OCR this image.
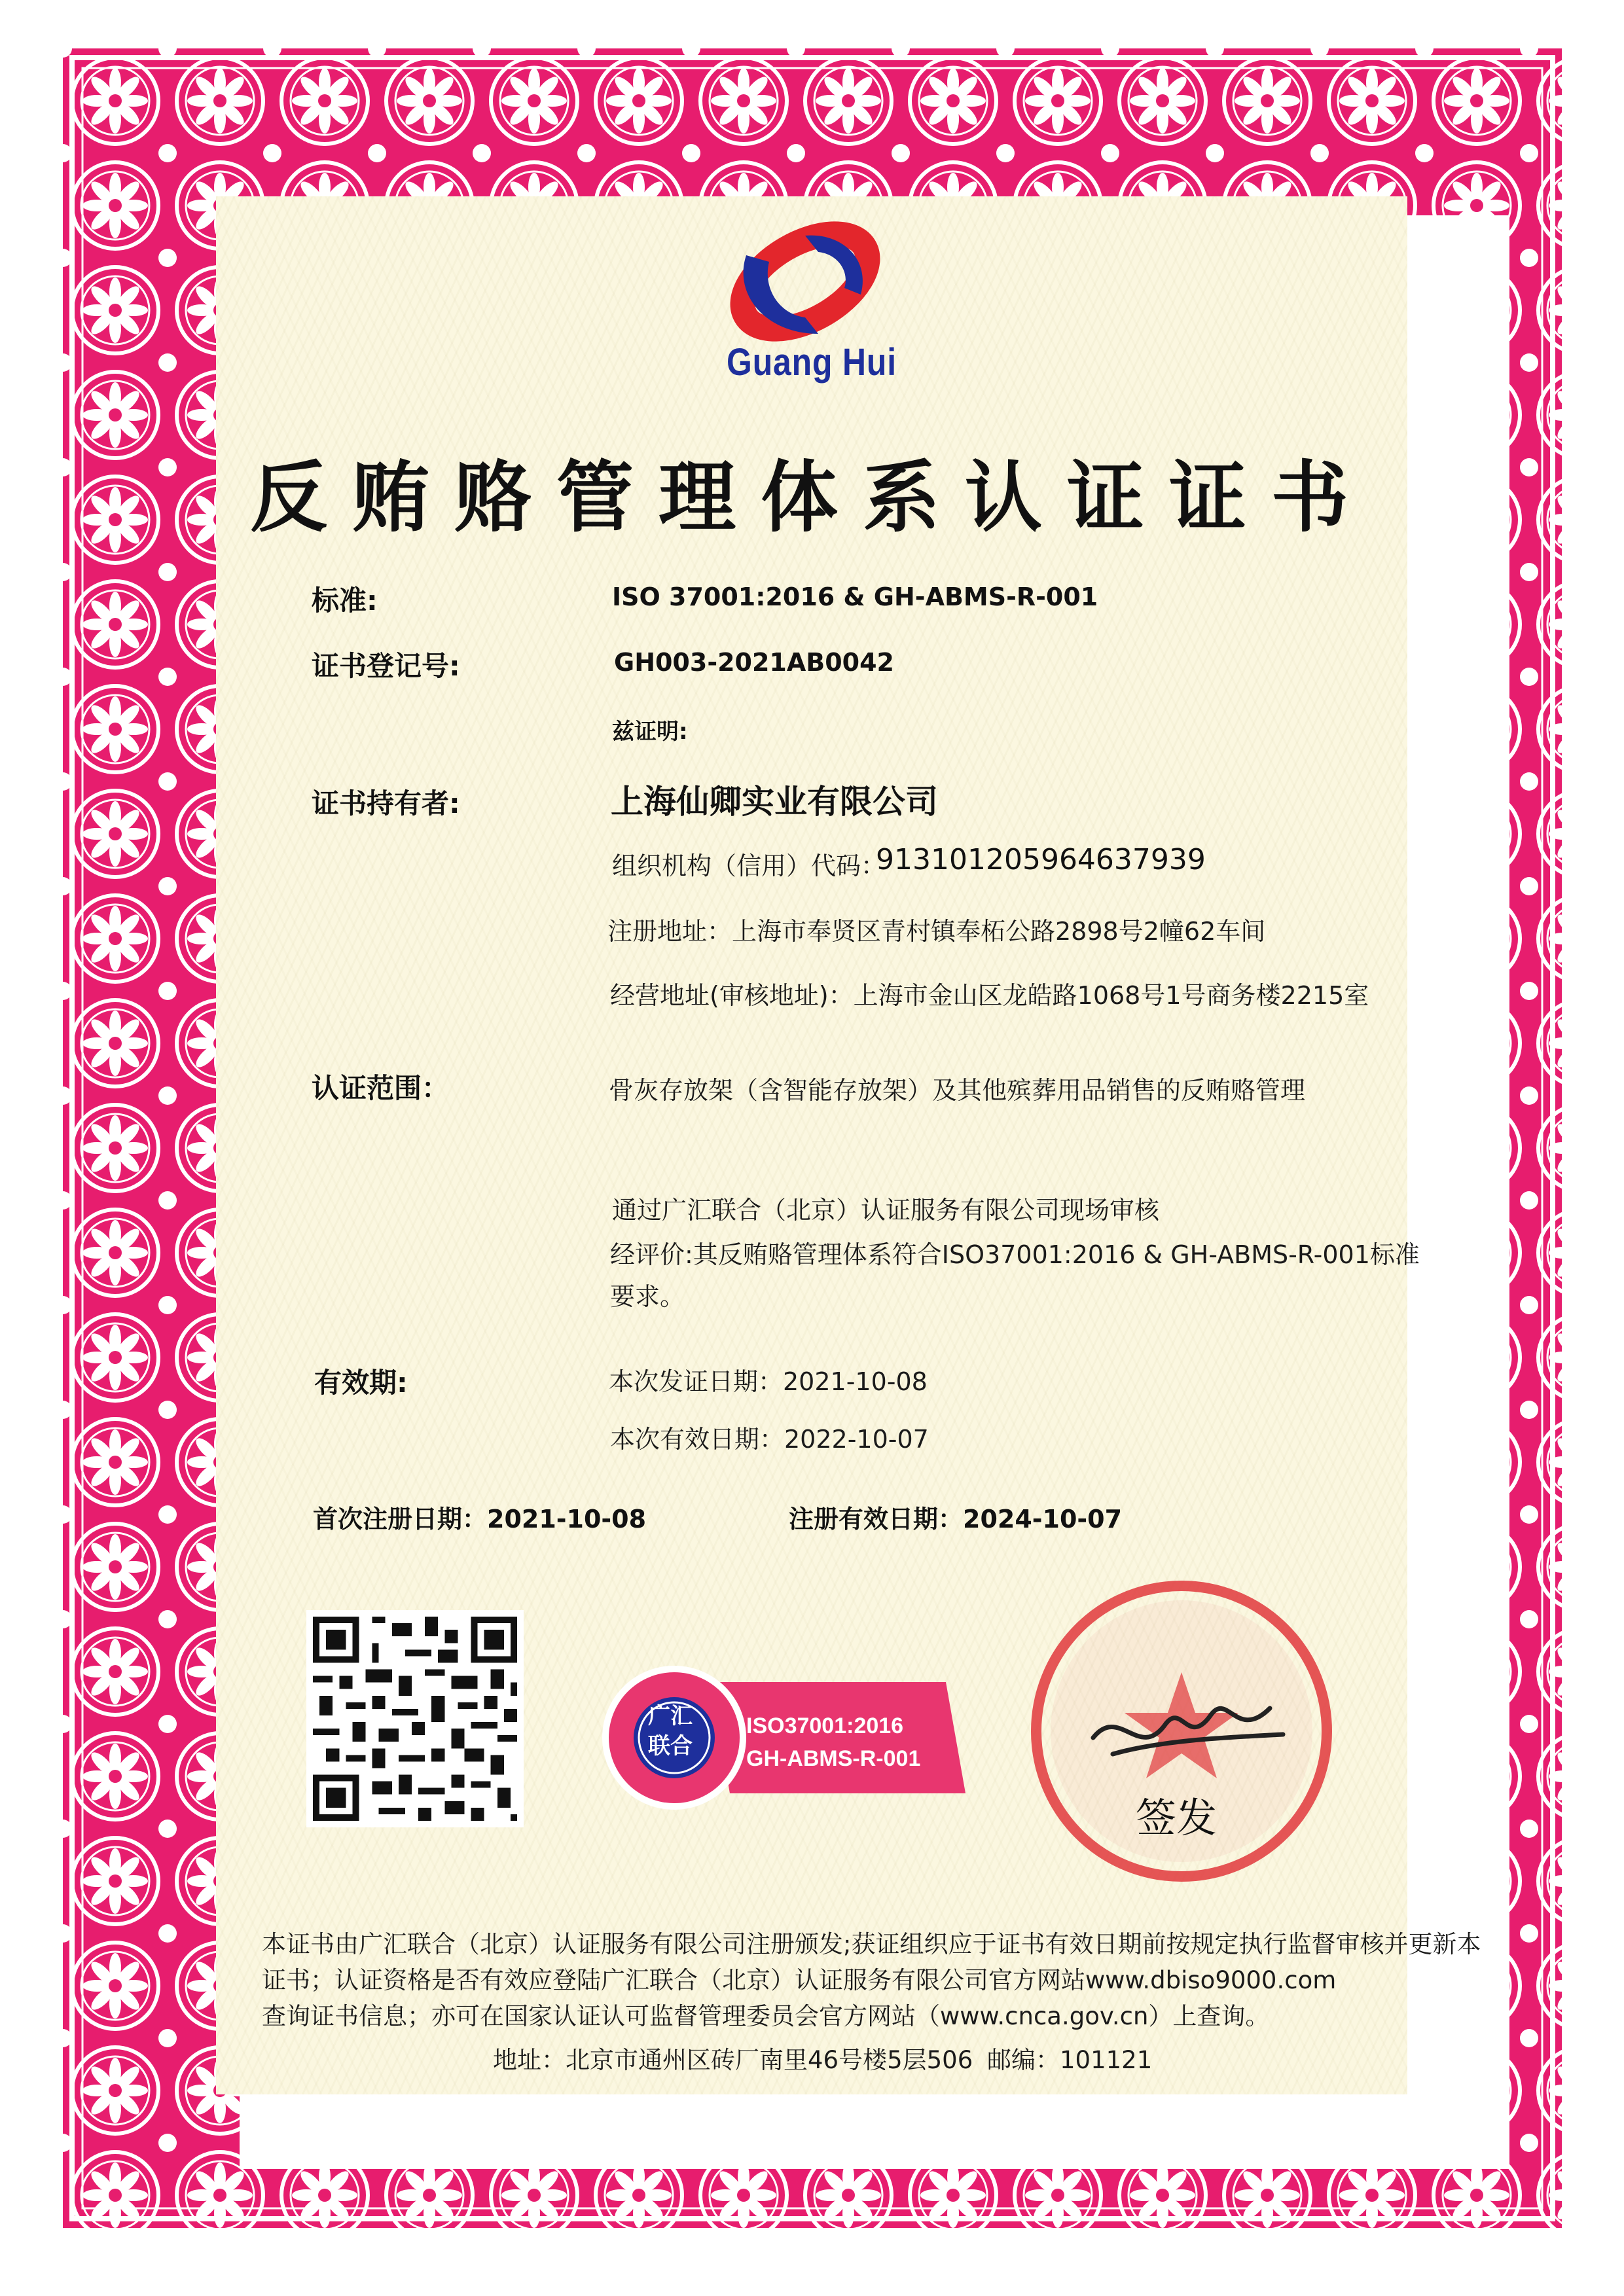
Guang Hui
反贿赂管理体系认证证书
标准:	ISO 37001:2016 & GH-ABMS-R-001
证书登记号:	GH003-2021AB0042
兹证明:
证书持有者:	上海仙卿实业有限公司
组织机构（信用）代码：
91310120596463793​9
注册地址：上海市奉贤区青村镇奉柘公路2898号2幢62车间
经营地址(审核地址)：上海市金山区龙皓路1068号1号商务楼2215室
认证范围：	骨灰存放架（含智能存放架）及其他殡葬用品销售的反贿赂管理
通过广汇联合（北京）认证服务有限公司现场审核
经评价:其反贿赂管理体系符合ISO37001:2016 & GH-ABMS-R-001标准
要求。
有效期:	本次发证日期：2021-10-08
本次有效日期：2022-10-07
首次注册日期：2021-10-08	注册有效日期：2024-10-07
广汇
联合
ISO37001:2016
GH-ABMS-R-001
签发
本证书由广汇联合（北京）认证服务有限公司注册颁发;获证组织应于证书有效日期前按规定执行监督审核并更新本
证书；认证资格是否有效应登陆广汇联合（北京）认证服务有限公司官方网站www.dbiso9000.com
查询证书信息；亦可在国家认证认可监督管理委员会官方网站（www.cnca.gov.cn）上查询。
地址：北京市通州区砖厂南里46号楼5层506 邮编：101121
